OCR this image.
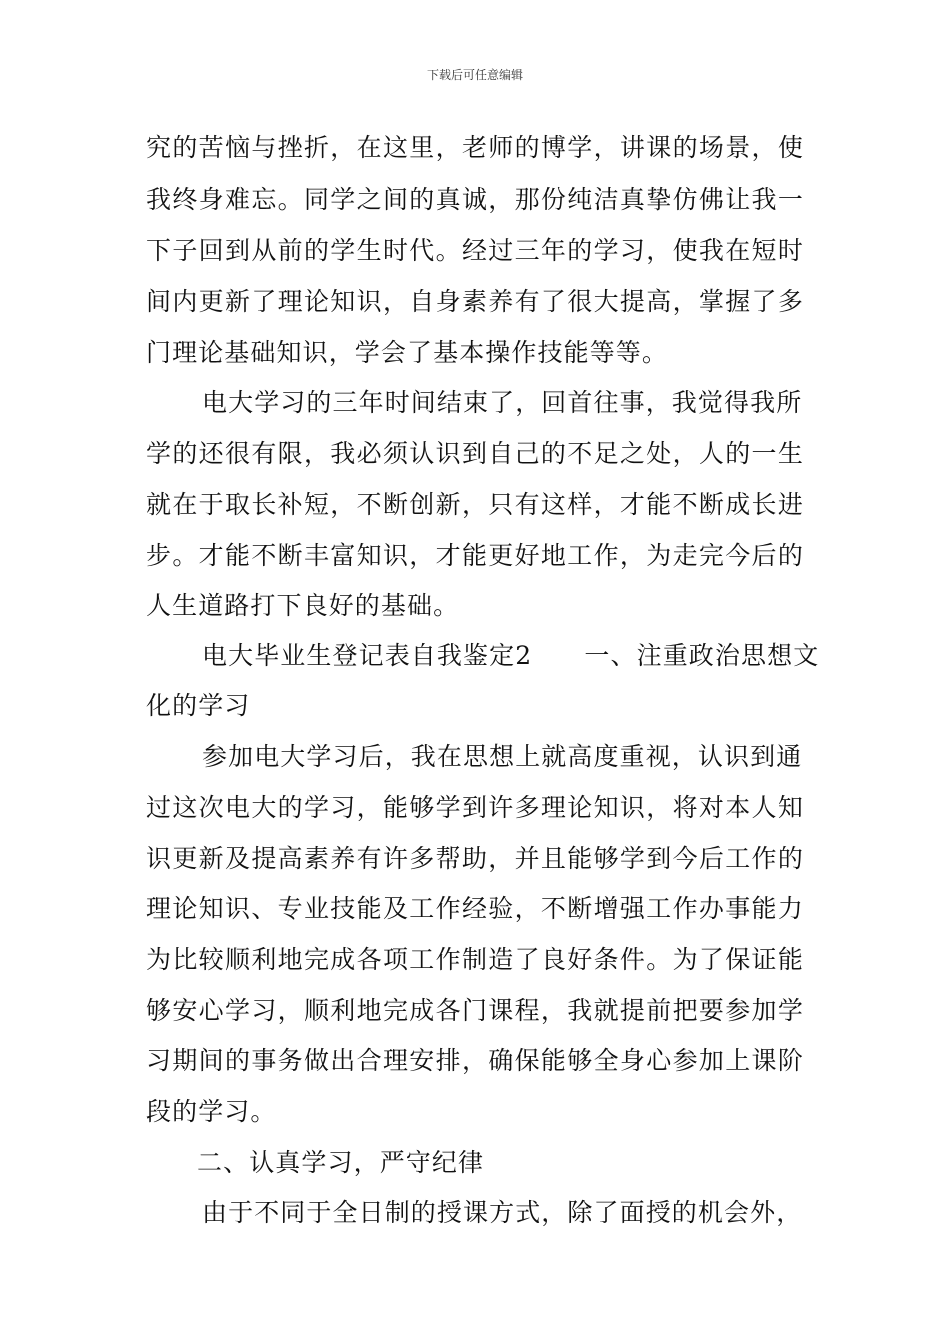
下载后可任意编辑
究的苦恼与挫折，在这里，老师的博学，讲课的场景，使
我终身难忘。同学之间的真诚，那份纯洁真挚仿佛让我一
下子回到从前的学生时代。经过三年的学习，使我在短时
间内更新了理论知识，自身素养有了很大提高，掌握了多
门理论基础知识，学会了基本操作技能等等。
电大学习的三年时间结束了，回首往事，我觉得我所
学的还很有限，我必须认识到自己的不足之处，人的一生
就在于取长补短，不断创新，只有这样，才能不断成长进
步。才能不断丰富知识，才能更好地工作，为走完今后的
人生道路打下良好的基础。
电大毕业生登记表自我鉴定2　　一、注重政治思想文
化的学习
参加电大学习后，我在思想上就高度重视，认识到通
过这次电大的学习，能够学到许多理论知识，将对本人知
识更新及提高素养有许多帮助，并且能够学到今后工作的
理论知识、专业技能及工作经验，不断增强工作办事能力
为比较顺利地完成各项工作制造了良好条件。为了保证能
够安心学习，顺利地完成各门课程，我就提前把要参加学
习期间的事务做出合理安排，确保能够全身心参加上课阶
段的学习。
二、认真学习，严守纪律
由于不同于全日制的授课方式，除了面授的机会外，
